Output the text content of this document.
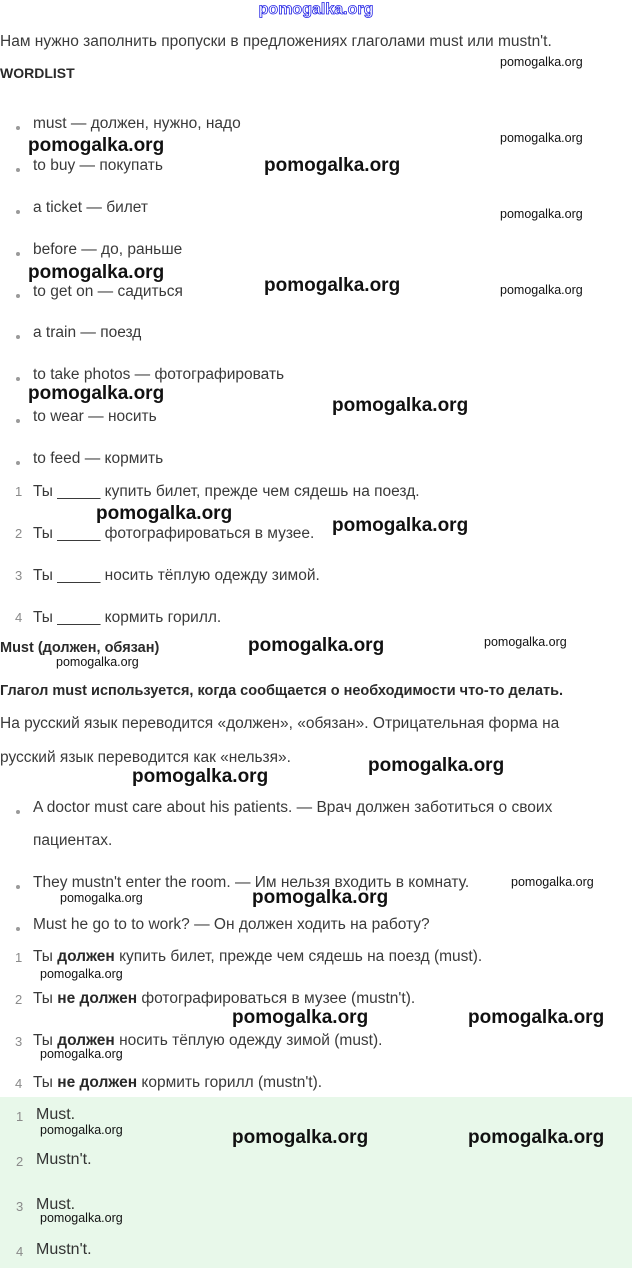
pomogalka.org
Нам нужно заполнить пропуски в предложениях глаголами must или mustn't.
WORDLIST
must — должен, нужно, надо
to buy — покупать
a ticket — билет
before — до, раньше
to get on — садиться
a train — поезд
to take photos — фотографировать
to wear — носить
to feed — кормить
1 Ты _____ купить билет, прежде чем сядешь на поезд.
2 Ты _____ фотографироваться в музее.
3 Ты _____ носить тёплую одежду зимой.
4 Ты _____ кормить горилл.
Must (должен, обязан)
Глагол must используется, когда сообщается о необходимости что-то делать.
На русский язык переводится «должен», «обязан». Отрицательная форма на
русский язык переводится как «нельзя».
A doctor must care about his patients. — Врач должен заботиться о своих
пациентах.
They mustn't enter the room. — Им нельзя входить в комнату.
Must he go to to work? — Он должен ходить на работу?
1 Ты должен купить билет, прежде чем сядешь на поезд (must).
2 Ты не должен фотографироваться в музее (mustn't).
3 Ты должен носить тёплую одежду зимой (must).
4 Ты не должен кормить горилл (mustn't).
1 Must.
2 Mustn't.
3 Must.
4 Mustn't.
pomogalka.org
pomogalka.org
pomogalka.org
pomogalka.org
pomogalka.org
pomogalka.org
pomogalka.org	pomogalka.org
pomogalka.org
pomogalka.org
pomogalka.org
pomogalka.org
pomogalka.org	pomogalka.org
pomogalka.org
pomogalka.org
pomogalka.org
pomogalka.org
pomogalka.org	pomogalka.org
pomogalka.org
pomogalka.org	pomogalka.org
pomogalka.org
pomogalka.org	pomogalka.org	pomogalka.org
pomogalka.org
